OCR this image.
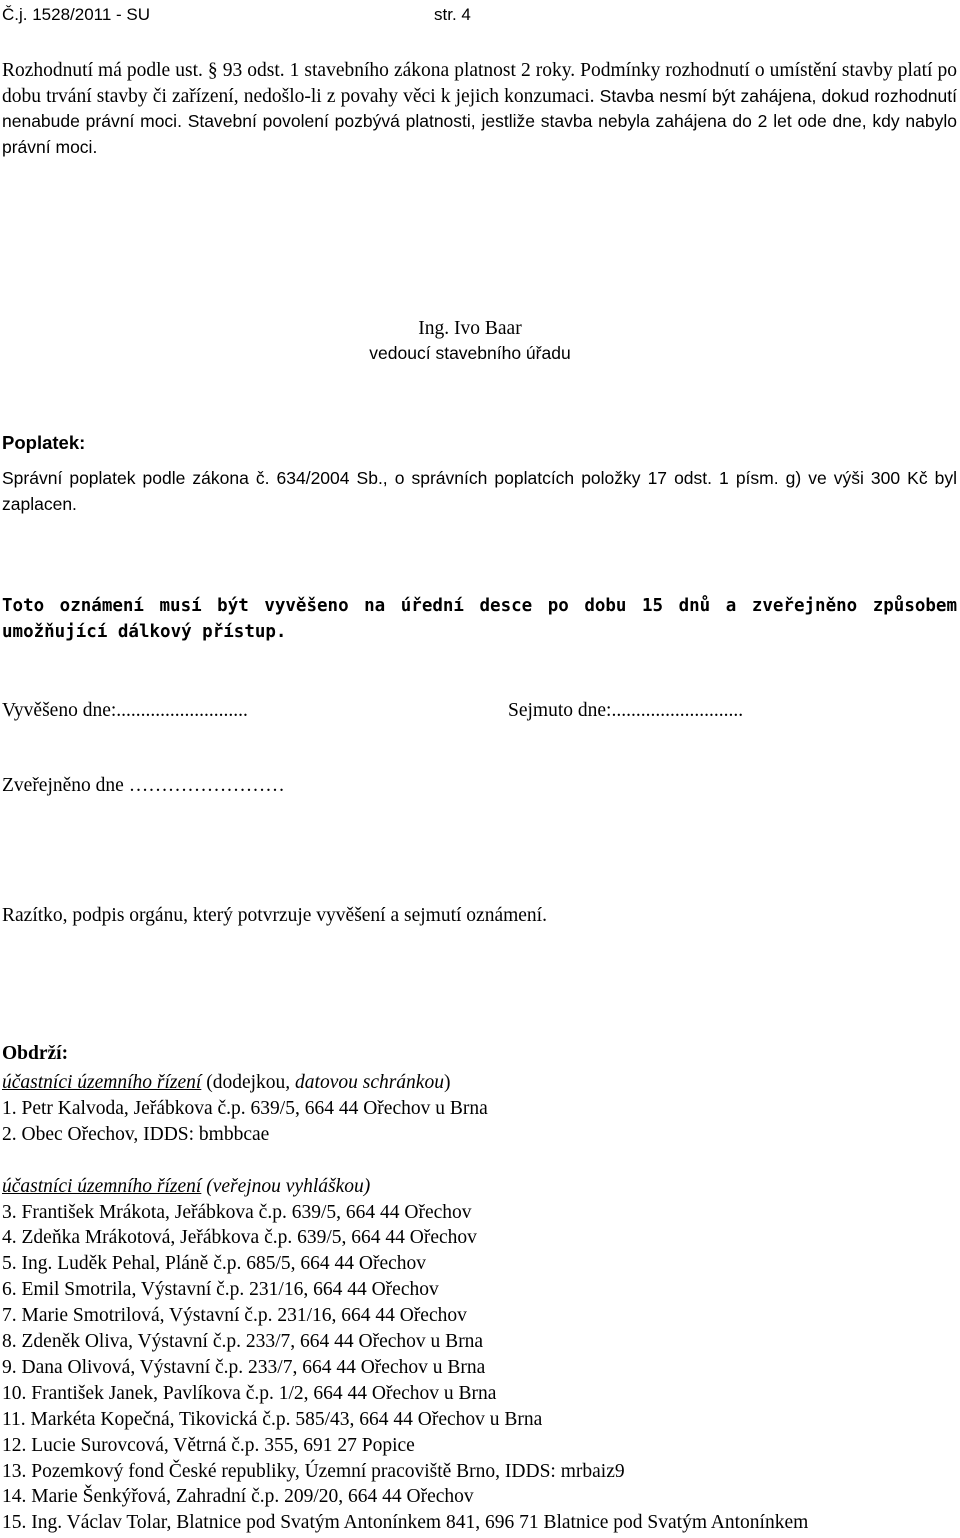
Č.j. 1528/2011 - SU	str. 4

Rozhodnutí má podle ust. § 93 odst. 1 stavebního zákona platnost 2 roky. Podmínky rozhodnutí o umístění stavby platí po dobu trvání stavby či zařízení, nedošlo-li z povahy věci k jejich konzumaci. Stavba nesmí být zahájena, dokud rozhodnutí nenabude právní moci. Stavební povolení pozbývá platnosti, jestliže stavba nebyla zahájena do 2 let ode dne, kdy nabylo právní moci.

Ing. Ivo Baar
vedoucí stavebního úřadu
Poplatek:

Správní poplatek podle zákona č. 634/2004 Sb., o správních poplatcích položky 17 odst. 1 písm. g) ve výši 300 Kč byl zaplacen.

Toto oznámení musí být vyvěšeno na úřední desce po dobu 15 dnů a zveřejněno způsobem umožňující dálkový přístup.

Vyvěšeno dne:...........................	Sejmuto dne:...........................
Zveřejněno dne ……………………
Razítko, podpis orgánu, který potvrzuje vyvěšení a sejmutí oznámení.
Obdrží:
účastníci územního řízení (dodejkou, datovou schránkou)
1. Petr Kalvoda, Jeřábkova č.p. 639/5, 664 44 Ořechov u Brna
2. Obec Ořechov, IDDS: bmbbcae
účastníci územního řízení (veřejnou vyhláškou)
3. František Mrákota, Jeřábkova č.p. 639/5, 664 44 Ořechov
4. Zdeňka Mrákotová, Jeřábkova č.p. 639/5, 664 44 Ořechov
5. Ing. Luděk Pehal, Pláně č.p. 685/5, 664 44 Ořechov
6. Emil Smotrila, Výstavní č.p. 231/16, 664 44 Ořechov
7. Marie Smotrilová, Výstavní č.p. 231/16, 664 44 Ořechov
8. Zdeněk Oliva, Výstavní č.p. 233/7, 664 44 Ořechov u Brna
9. Dana Olivová, Výstavní č.p. 233/7, 664 44 Ořechov u Brna
10. František Janek, Pavlíkova č.p. 1/2, 664 44 Ořechov u Brna
11. Markéta Kopečná, Tikovická č.p. 585/43, 664 44 Ořechov u Brna
12. Lucie Surovcová, Větrná č.p. 355, 691 27 Popice
13. Pozemkový fond České republiky, Územní pracoviště Brno, IDDS: mrbaiz9
14. Marie Šenkýřová, Zahradní č.p. 209/20, 664 44 Ořechov
15. Ing. Václav Tolar, Blatnice pod Svatým Antonínkem 841, 696 71 Blatnice pod Svatým Antonínkem
